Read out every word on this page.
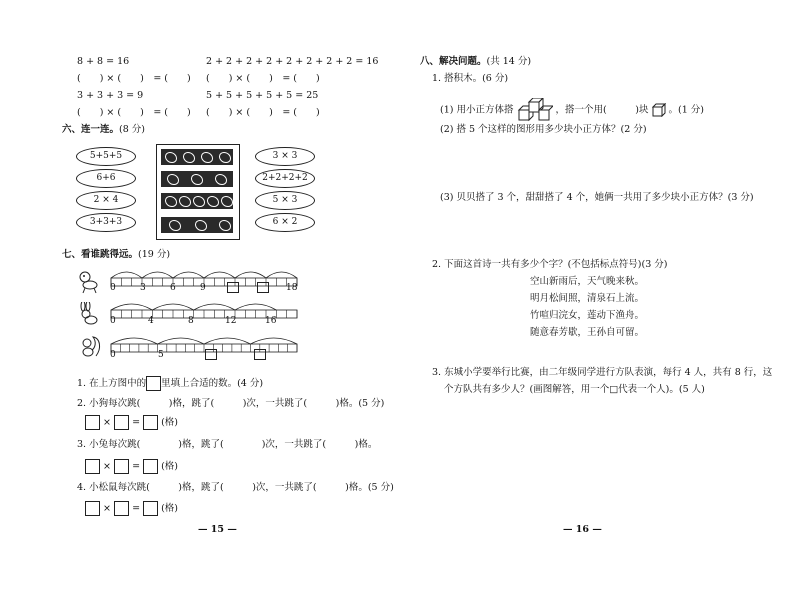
8 + 8 = 16	2 + 2 + 2 + 2 + 2 + 2 + 2 + 2 = 16
(　　) × (　　)　= (　　) (　　) × (　　)　= (　　)
3 + 3 + 3 = 9	5 + 5 + 5 + 5 + 5 = 25
(　　) × (　　)　= (　　) (　　) × (　　)　= (　　)
六、连一连。(8 分)
5+5+5
6+6
2 × 4
3+3+3
3 × 3
2+2+2+2
5 × 3
6 × 2
七、看谁跳得远。(19 分)
0	3	6	9	18
0	4	8	12	16
0	5
1. 在上方图中的 里填上合适的数。(4 分)
2. 小狗每次跳(　　　)格，跳了(　　　)次，一共跳了(　　　)格。(5 分)
× = (格)
3. 小兔每次跳(　　　　)格，跳了(　　　　)次，一共跳了(　　　)格。
× = (格)
4. 小松鼠每次跳(　　　)格，跳了(　　　)次，一共跳了(　　　)格。(5 分)
× = (格)
— 15 —
八、解决问题。(共 14 分)
1. 搭积木。(6 分)
(1) 用小正方体搭	，搭一个用(　　　)块 。(1 分)
(2) 搭 5 个这样的图形用多少块小正方体？(2 分)
(3) 贝贝搭了 3 个，甜甜搭了 4 个，她俩一共用了多少块小正方体？(3 分)
2. 下面这首诗一共有多少个字？(不包括标点符号)(3 分)
空山新雨后，天气晚来秋。
明月松间照，清泉石上流。
竹喧归浣女，莲动下渔舟。
随意春芳歇，王孙自可留。
3. 东城小学要举行比赛，由二年级同学进行方队表演，每行 4 人，共有 8 行，这
个方队共有多少人？(画图解答，用一个□代表一个人)。(5 人)
— 16 —
